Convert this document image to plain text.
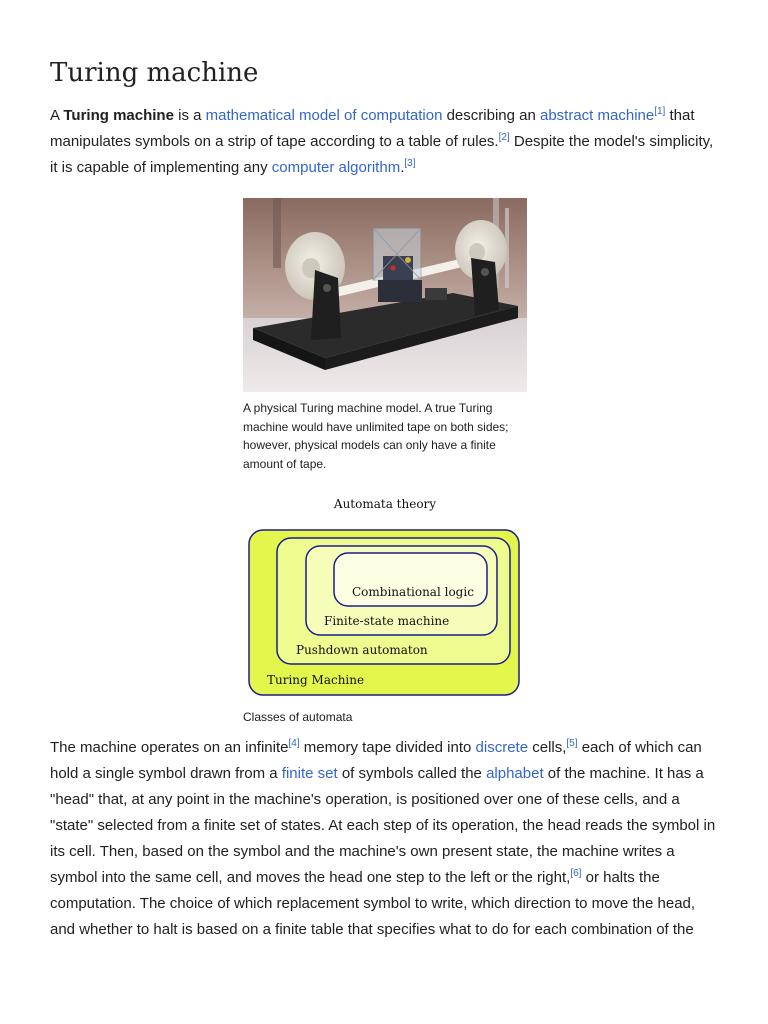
Turing machine

A Turing machine is a mathematical model of computation describing an abstract machine[1] that manipulates symbols on a strip of tape according to a table of rules.[2] Despite the model's simplicity, it is capable of implementing any computer algorithm.[3]

A physical Turing machine model. A true Turing machine would have unlimited tape on both sides; however, physical models can only have a finite amount of tape.
Automata theory
Combinational logic
Finite-state machine
Pushdown automaton
Turing Machine
Classes of automata

The machine operates on an infinite[4] memory tape divided into discrete cells,[5] each of which can hold a single symbol drawn from a finite set of symbols called the alphabet of the machine. It has a "head" that, at any point in the machine's operation, is positioned over one of these cells, and a "state" selected from a finite set of states. At each step of its operation, the head reads the symbol in its cell. Then, based on the symbol and the machine's own present state, the machine writes a symbol into the same cell, and moves the head one step to the left or the right,[6] or halts the computation. The choice of which replacement symbol to write, which direction to move the head, and whether to halt is based on a finite table that specifies what to do for each combination of the
